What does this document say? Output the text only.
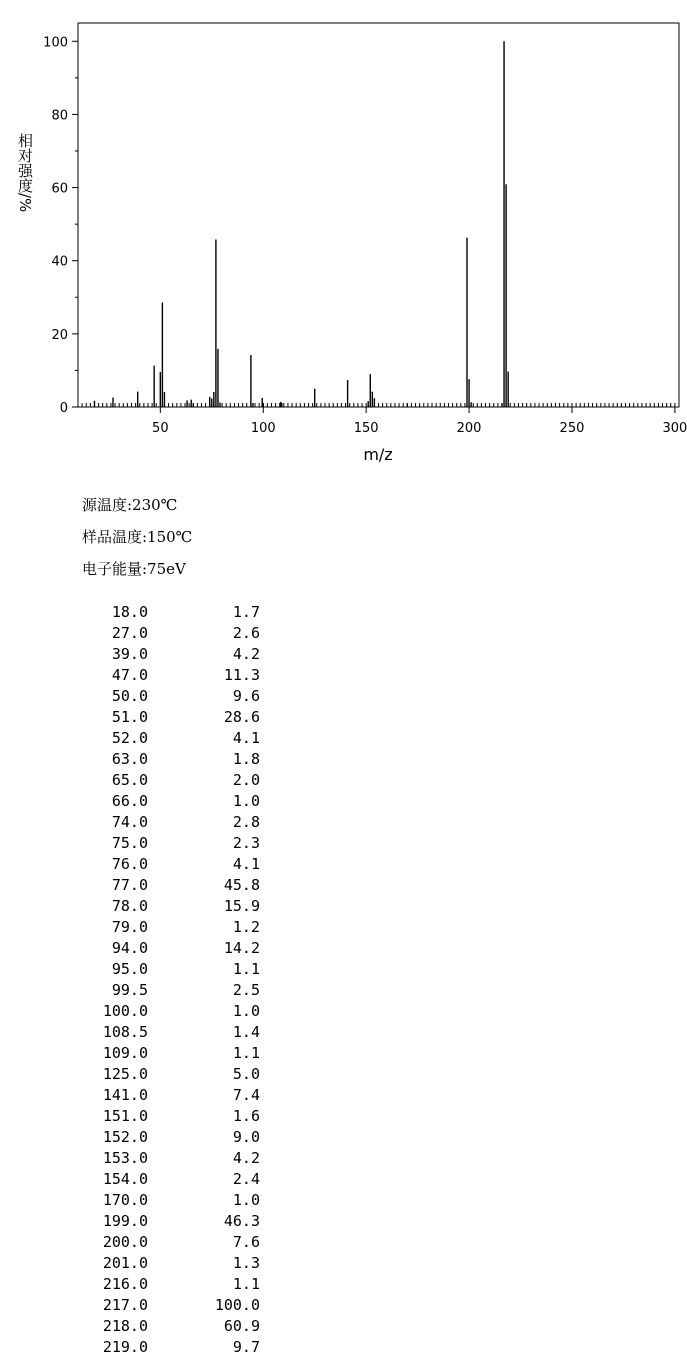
0
20
40
60
80
100
50	100	150	200	250	300
m/z
相对强度/%
源温度:230℃
样品温度:150℃
电子能量:75eV
18.0	1.7
27.0	2.6
39.0	4.2
47.0	11.3
50.0	9.6
51.0	28.6
52.0	4.1
63.0	1.8
65.0	2.0
66.0	1.0
74.0	2.8
75.0	2.3
76.0	4.1
77.0	45.8
78.0	15.9
79.0	1.2
94.0	14.2
95.0	1.1
99.5	2.5
100.0	1.0
108.5	1.4
109.0	1.1
125.0	5.0
141.0	7.4
151.0	1.6
152.0	9.0
153.0	4.2
154.0	2.4
170.0	1.0
199.0	46.3
200.0	7.6
201.0	1.3
216.0	1.1
217.0	100.0
218.0	60.9
219.0	9.7
